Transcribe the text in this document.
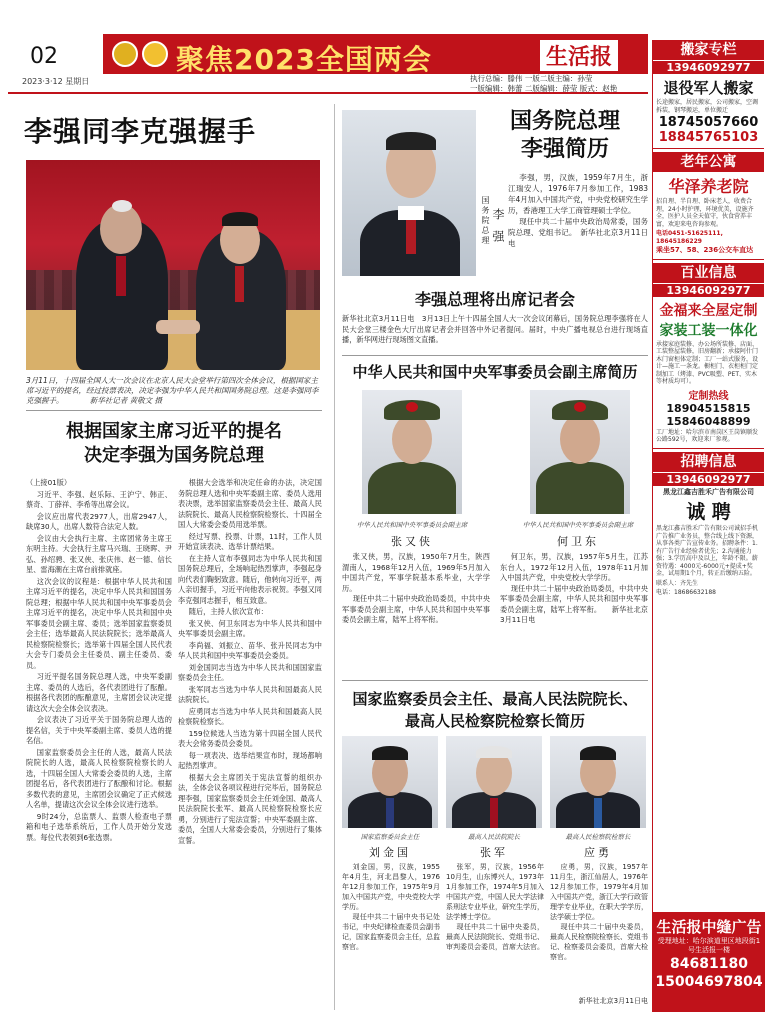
02
2023·3·12 星期日
聚焦2023全国两会	生活报
执行总编：滕伟 一版二版主编：孙莹
一版编辑：韩蕾 二版编辑：薛莹 版式：赵艳
李强同李克强握手
3月11日，十四届全国人大一次会议在北京人民大会堂举行第四次全体会议，根据国家主席习近平的提名，经过投票表决，决定李强为中华人民共和国国务院总理。这是李强同李克强握手。　　　　新华社记者 黄敬文 摄
根据国家主席习近平的提名
决定李强为国务院总理

（上接01版）

习近平、李强、赵乐际、王沪宁、韩正、蔡奇、丁薛祥、李希等出席会议。

会议应出席代表2977人，出席2947人，缺席30人，出席人数符合法定人数。

会议由大会执行主席、主席团常务主席王东明主持。大会执行主席马兴瑞、王晓晖、尹弘、孙绍骋、张又侠、张庆伟、赵一德、信长星、雷海潮在主席台前排就座。

这次会议的议程是：根据中华人民共和国主席习近平的提名，决定中华人民共和国国务院总理；根据中华人民共和国中央军事委员会主席习近平的提名，决定中华人民共和国中央军事委员会副主席、委员；选举国家监察委员会主任；选举最高人民法院院长；选举最高人民检察院检察长；选举第十四届全国人民代表大会专门委员会主任委员、副主任委员、委员。

习近平提名国务院总理人选，中央军委副主席、委员的人选后，各代表团进行了酝酿。根据各代表团的酝酿意见，主席团会议决定提请这次大会全体会议表决。

会议表决了习近平关于国务院总理人选的提名信，关于中央军委副主席、委员人选的提名信。

国家监察委员会主任的人选，最高人民法院院长的人选，最高人民检察院检察长的人选，十四届全国人大常委会委员的人选，主席团提名后，各代表团进行了酝酿和讨论。根据多数代表的意见，主席团会议确定了正式候选人名单，提请这次会议全体会议进行选举。

9时24分，总监票人、监票人检查电子票箱和电子选举系统后，工作人员开始分发选票。每位代表领到6张选票。

根据大会选举和决定任命的办法，决定国务院总理人选和中央军委副主席、委员人选用表决票，选举国家监察委员会主任、最高人民法院院长、最高人民检察院检察长、十四届全国人大常委会委员用选举票。

经过写票、投票、计票，11时，工作人员开始宣读表决、选举计票结果。

在主持人宣布李强同志为中华人民共和国国务院总理后，全场响起热烈掌声，李强起身向代表们鞠躬致意。随后，他转向习近平，两人亲切握手，习近平向他表示祝贺。李强又同李克强同志握手，相互致意。

随后，主持人依次宣布：

张又侠、何卫东同志为中华人民共和国中央军事委员会副主席。

李尚福、刘振立、苗华、张升民同志为中华人民共和国中央军事委员会委员。

刘金国同志当选为中华人民共和国国家监察委员会主任。

张军同志当选为中华人民共和国最高人民法院院长。

应勇同志当选为中华人民共和国最高人民检察院检察长。

159位候选人当选为第十四届全国人民代表大会常务委员会委员。

每一项表决、选举结果宣布时，现场都响起热烈掌声。

根据大会主席团关于宪法宣誓的组织办法，全体会议各项议程进行完毕后，国务院总理李强，国家监察委员会主任刘金国、最高人民法院院长张军、最高人民检察院检察长应勇，分别进行了宪法宣誓；中央军委副主席、委员，全国人大常委会委员，分别进行了集体宣誓。

国务院总理 李强
国务院总理
李强简历

李强，男，汉族，1959年7月生，浙江瑞安人，1976年7月参加工作，1983年4月加入中国共产党，中央党校研究生学历，香港理工大学工商管理硕士学位。

现任中共二十届中央政治局常委，国务院总理、党组书记。　新华社北京3月11日电

李强总理将出席记者会
新华社北京3月11日电　3月13日上午十四届全国人大一次会议闭幕后，国务院总理李强将在人民大会堂三楼金色大厅出席记者会并回答中外记者提问。届时，中央广播电视总台进行现场直播，新华网进行现场图文直播。
中华人民共和国中央军事委员会副主席简历
中华人民共和国中央军事委员会副主席
张又侠

张又侠，男，汉族，1950年7月生，陕西渭南人，1968年12月入伍，1969年5月加入中国共产党，军事学院基本系毕业，大学学历。

现任中共二十届中央政治局委员，中共中央军事委员会副主席，中华人民共和国中央军事委员会副主席，陆军上将军衔。

中华人民共和国中央军事委员会副主席
何卫东

何卫东，男，汉族，1957年5月生，江苏东台人，1972年12月入伍，1978年11月加入中国共产党，中央党校大学学历。

现任中共二十届中央政治局委员，中共中央军事委员会副主席，中华人民共和国中央军事委员会副主席，陆军上将军衔。　　新华社北京3月11日电

国家监察委员会主任、最高人民法院院长、
最高人民检察院检察长简历
国家监察委员会主任
刘金国

刘金国，男，汉族，1955年4月生，河北昌黎人，1976年12月参加工作，1975年9月加入中国共产党，中央党校大学学历。

现任中共二十届中央书记处书记，中央纪律检查委员会副书记，国家监察委员会主任，总监察官。

最高人民法院院长
张军

张军，男，汉族，1956年10月生，山东博兴人，1973年1月参加工作，1974年5月加入中国共产党，中国人民大学法律系刑法专业毕业，研究生学历，法学博士学位。

现任中共二十届中央委员，最高人民法院院长、党组书记、审判委员会委员，首席大法官。

最高人民检察院检察长
应勇

应勇，男，汉族，1957年11月生，浙江仙居人，1976年12月参加工作，1979年4月加入中国共产党，浙江大学行政管理学专业毕业，在职大学学历，法学硕士学位。

现任中共二十届中央委员，最高人民检察院检察长、党组书记、检察委员会委员，首席大检察官。

新华社北京3月11日电
搬家专栏
13946092977
退役军人搬家
长途搬家，居民搬家，公司搬家，空调拆装，钢琴搬运，单位搬迁
18745057660
18845765103
老年公寓
华泽养老院
招自理、半自理、卧床老人，收费合理，24小时护理，环境优美，设施齐全，医护人员全天值守，伙食营养丰富，欢迎来电咨询参观。
电话0451-51625111, 18645186229
乘坐57、58、236公交车直达
百业信息
13946092977
金福来全屋定制
家装工装一体化
承接家庭装修、办公场所装修、店面、工装整屋装修，旧房翻新；承接阿什门木门窗柜体定制；工厂一站式服务，设计—施工一条龙。橱柜门、衣柜柜门定制加工（烤漆、PVC吸塑、PET、实木等材质均可）。
定制热线
18904515815
15846048899
工厂地址：哈尔滨市南岗区王岗镇顺发公路592号，欢迎来厂参观。
招聘信息
13946092977
黑龙江鑫吉胜禾广告有限公司
诚 聘
黑龙江鑫吉胜禾广告有限公司诚招手机广告推广业务员，整合线上线下资源，从事各类广告宣传业务。招聘条件：1.有广告行业经验者优先；2.沟通能力强；3.学历高中及以上，年龄不限。薪资待遇：4000元-6000元+提成+奖金，试用期1个月，转正后缴纳五险。
联系人：齐先生
电话：18686632188
生活报中缝广告
受理地址：哈尔滨道里区地段街1号生活报一楼
84681180
15004697804
